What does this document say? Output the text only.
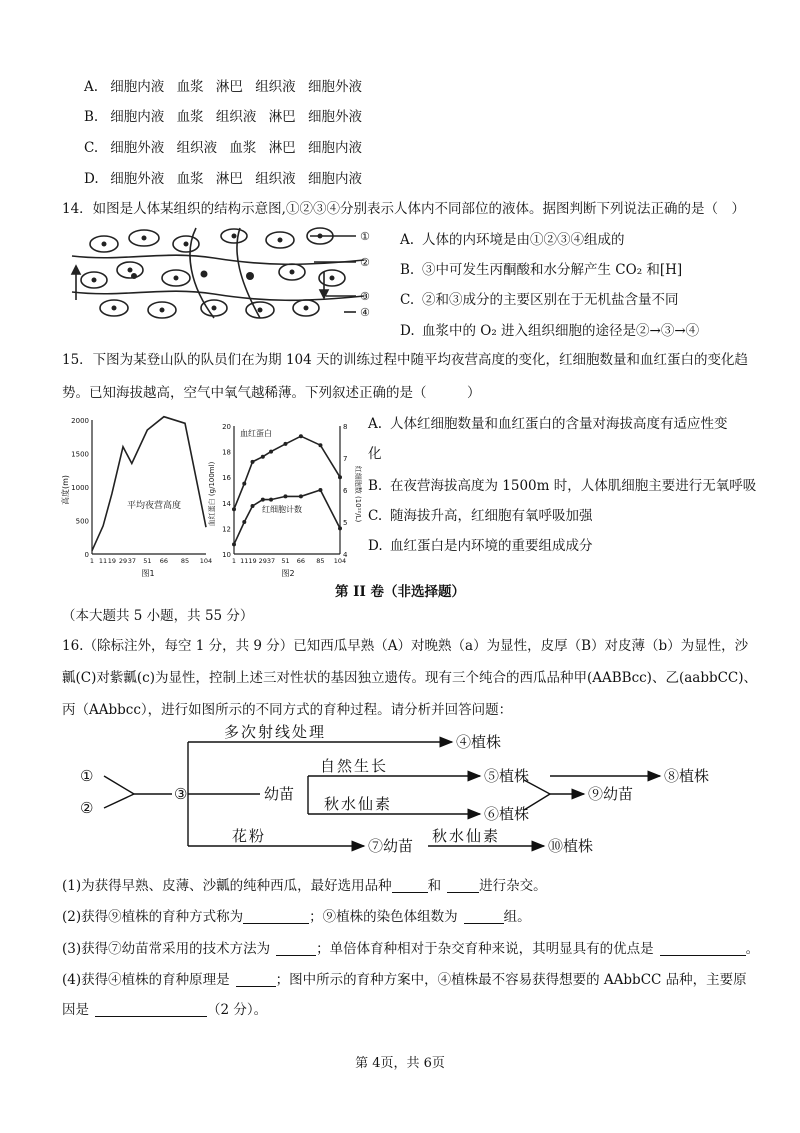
A. 细胞内液 血浆 淋巴 组织液 细胞外液
B. 细胞内液 血浆 组织液 淋巴 细胞外液
C. 细胞外液 组织液 血浆 淋巴 细胞内液
D. 细胞外液 血浆 淋巴 组织液 细胞内液
14．如图是人体某组织的结构示意图,①②③④分别表示人体内不同部位的液体。据图判断下列说法正确的是（　）
①
②
③
④
A. 人体的内环境是由①②③④组成的
B. ③中可发生丙酮酸和水分解产生 CO₂ 和[H]
C. ②和③成分的主要区别在于无机盐含量不同
D. 血浆中的 O₂ 进入组织细胞的途径是②→③→④
15．下图为某登山队的队员们在为期 104 天的训练过程中随平均夜营高度的变化，红细胞数量和血红蛋白的变化趋
势。已知海拔越高，空气中氧气越稀薄。下列叙述正确的是（　　　）
1 11 19 29 37 51 66 85 104
0
500
1000
1500
2000
高度(m)
平均夜营高度
图1
1 11 19 29 37 51 66 85 104
10
12
14
16
18
20
4
5
6
7
8
血红蛋白
红细胞计数
血红蛋白 (g/100ml)	红细胞数 (10¹²/L)
图2
A. 人体红细胞数量和血红蛋白的含量对海拔高度有适应性变
化
B. 在夜营海拔高度为 1500m 时，人体肌细胞主要进行无氧呼吸
C. 随海拔升高，红细胞有氧呼吸加强
D. 血红蛋白是内环境的重要组成成分
第 II 卷（非选择题）
（本大题共 5 小题，共 55 分）
16.（除标注外，每空 1 分，共 9 分）已知西瓜早熟（A）对晚熟（a）为显性，皮厚（B）对皮薄（b）为显性，沙
瓤(C)对紫瓤(c)为显性，控制上述三对性状的基因独立遗传。现有三个纯合的西瓜品种甲(AABBcc)、乙(aabbCC)、
丙（AAbbcc），进行如图所示的不同方式的育种过程。请分析并回答问题：
①
②
③
多次射线处理
④植株
幼苗
自然生长
⑤植株
秋水仙素
⑥植株
⑧植株
⑨幼苗
花粉
⑦幼苗
秋水仙素
⑩植株
(1)为获得早熟、皮薄、沙瓤的纯种西瓜，最好选用品种	和	进行杂交。
(2)获得⑨植株的育种方式称为	；⑨植株的染色体组数为	组。
(3)获得⑦幼苗常采用的技术方法为	；单倍体育种相对于杂交育种来说，其明显具有的优点是	。
(4)获得④植株的育种原理是	；图中所示的育种方案中，④植株最不容易获得想要的 AAbbCC 品种，主要原
因是	（2 分）。
第 4页，共 6页
